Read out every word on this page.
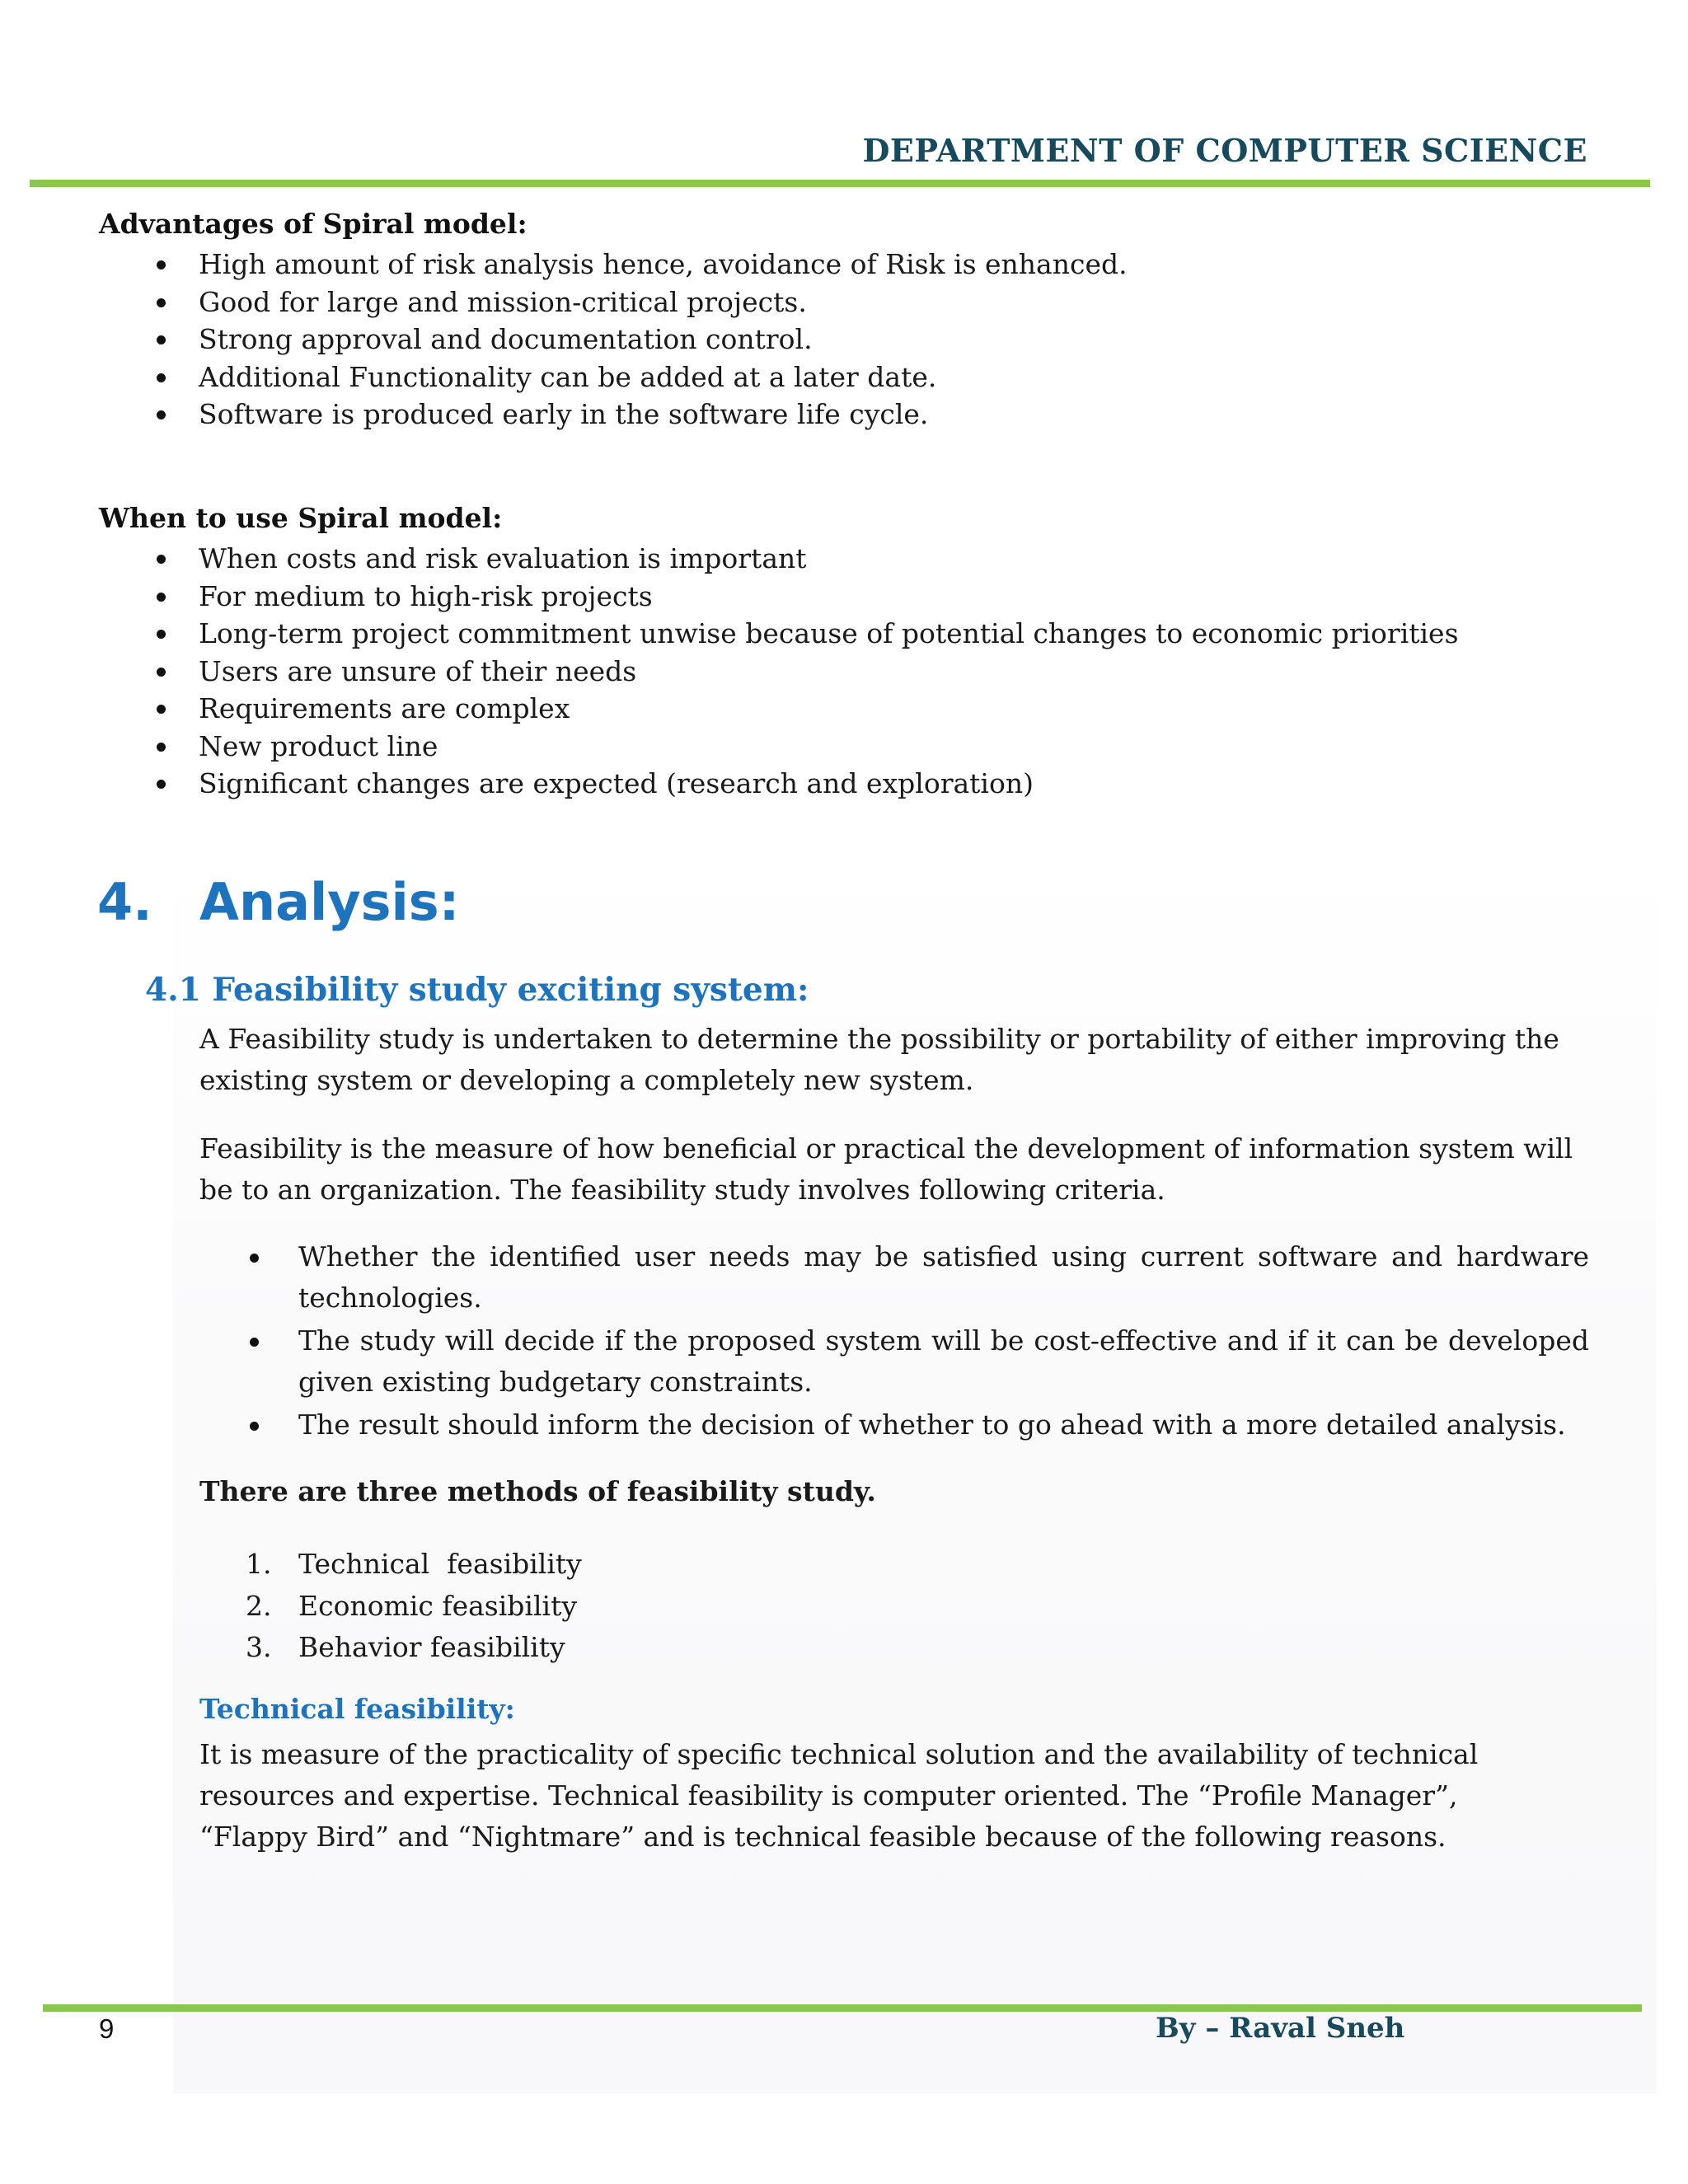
DEPARTMENT OF COMPUTER SCIENCE
Advantages of Spiral model:
High amount of risk analysis hence, avoidance of Risk is enhanced.
Good for large and mission-critical projects.
Strong approval and documentation control.
Additional Functionality can be added at a later date.
Software is produced early in the software life cycle.
When to use Spiral model:
When costs and risk evaluation is important
For medium to high-risk projects
Long-term project commitment unwise because of potential changes to economic priorities
Users are unsure of their needs
Requirements are complex
New product line
Significant changes are expected (research and exploration)
4. Analysis:
4.1 Feasibility study exciting system:

A Feasibility study is undertaken to determine the possibility or portability of either improving the existing system or developing a completely new system.

Feasibility is the measure of how beneficial or practical the development of information system will be to an organization. The feasibility study involves following criteria.

Whether the identified user needs may be satisfied using current software and hardware technologies.
The study will decide if the proposed system will be cost-effective and if it can be developed given existing budgetary constraints.
The result should inform the decision of whether to go ahead with a more detailed analysis.
There are three methods of feasibility study.
1. Technical  feasibility
2. Economic feasibility
3. Behavior feasibility
Technical feasibility:

It is measure of the practicality of specific technical solution and the availability of technical resources and expertise. Technical feasibility is computer oriented. The “Profile Manager”, “Flappy Bird” and “Nightmare” and is technical feasible because of the following reasons.

9	By – Raval Sneh
